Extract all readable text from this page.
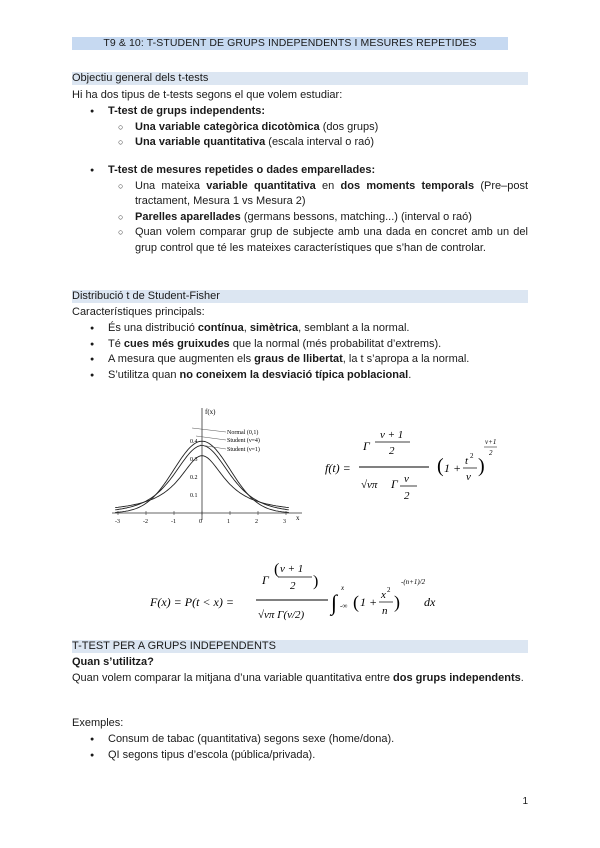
T9 & 10: T-STUDENT DE GRUPS INDEPENDENTS I MESURES REPETIDES
Objectiu general dels t-tests
Hi ha dos tipus de t-tests segons el que volem estudiar:
● T-test de grups independents:
○ Una variable categòrica dicotòmica (dos grups)
○ Una variable quantitativa (escala interval o raó)
● T-test de mesures repetides o dades emparellades:
○ Una mateixa variable quantitativa en dos moments temporals (Pre–post tractament, Mesura 1 vs Mesura 2)
○ Parelles aparellades (germans bessons, matching...) (interval o raó)
○ Quan volem comparar grup de subjecte amb una dada en concret amb un del grup control que té les mateixes característiques que s’han de controlar.
Distribució t de Student-Fisher
Característiques principals:
● És una distribució contínua, simètrica, semblant a la normal.
● Té cues més gruixudes que la normal (més probabilitat d’extrems).
● A mesura que augmenten els graus de llibertat, la t s’apropa a la normal.
● S’utilitza quan no coneixem la desviació típica poblacional.
f(x)
x
0.4
0.3
0.2
0.1
-3	-2	-1	0	1	2	3
Normal (0,1)
Student (ν=4)
Student (ν=1)
f(t) =
Γ
ν + 1
2
√νπ Γ ν
2
( 1 + t 2
ν )
ν+1
2
F(x) = P(t < x) =
Γ
( ν + 1
2 )
√νπ Γ(ν/2) ∫
x
-∞ ( 1 + x 2
n )
-(n+1)/2
dx
T-TEST PER A GRUPS INDEPENDENTS
Quan s’utilitza?
Quan volem comparar la mitjana d’una variable quantitativa entre dos grups independents.
Exemples:
● Consum de tabac (quantitativa) segons sexe (home/dona).
● QI segons tipus d’escola (pública/privada).
1
